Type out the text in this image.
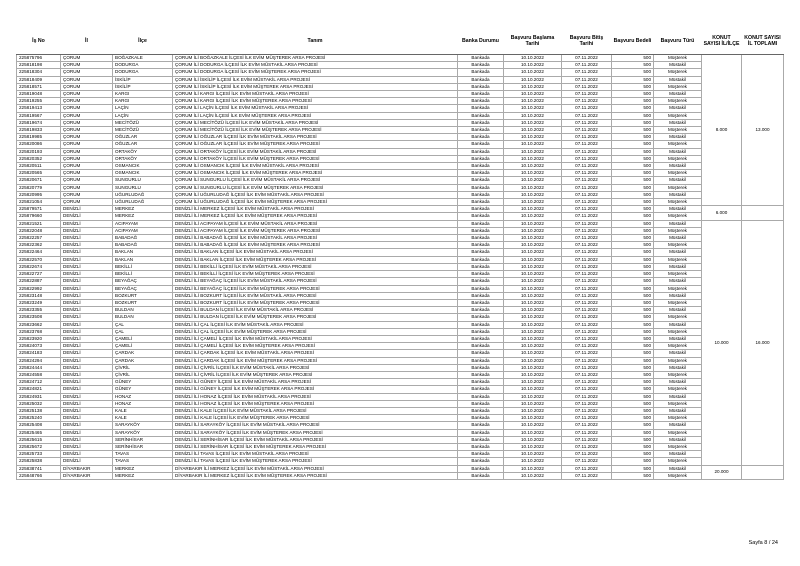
İş No	İl	İlçe	Tanım	Banka Durumu	Başvuru Başlama Tarihi	Başvuru Bitiş Tarihi	Başvuru Bedeli	Başvuru Türü	KONUT SAYISI İL/İLÇE	KONUT SAYISI İL TOPLAMI
225875796	ÇORUM	BOĞAZKALE	ÇORUM İLİ BOĞAZKALE İLÇESİ İLK EVİM MÜŞTEREK ARSA PROJESİ	Bankada	10.10.2022	07.11.2022	500	Müşterek	8.000	13.000
225818198	ÇORUM	DODURGA	ÇORUM İLİ DODURGA İLÇESİ İLK EVİM MÜSTAKİL ARSA PROJESİ	Bankada	10.10.2022	07.11.2022	500	Müstakil		
225818304	ÇORUM	DODURGA	ÇORUM İLİ DODURGA İLÇESİ İLK EVİM MÜŞTEREK ARSA PROJESİ	Bankada	10.10.2022	07.11.2022	500	Müşterek		
225818409	ÇORUM	İSKİLİP	ÇORUM İLİ İSKİLİP İLÇESİ İLK EVİM MÜSTAKİL ARSA PROJESİ	Bankada	10.10.2022	07.11.2022	500	Müstakil		
225818571	ÇORUM	İSKİLİP	ÇORUM İLİ İSKİLİP İLÇESİ İLK EVİM MÜŞTEREK ARSA PROJESİ	Bankada	10.10.2022	07.11.2022	500	Müşterek		
225819048	ÇORUM	KARGI	ÇORUM İLİ KARGI İLÇESİ İLK EVİM MÜSTAKİL ARSA PROJESİ	Bankada	10.10.2022	07.11.2022	500	Müstakil		
225819255	ÇORUM	KARGI	ÇORUM İLİ KARGI İLÇESİ İLK EVİM MÜŞTEREK ARSA PROJESİ	Bankada	10.10.2022	07.11.2022	500	Müşterek		
225819413	ÇORUM	LAÇİN	ÇORUM İLİ LAÇİN İLÇESİ İLK EVİM MÜSTAKİL ARSA PROJESİ	Bankada	10.10.2022	07.11.2022	500	Müstakil		
225819567	ÇORUM	LAÇİN	ÇORUM İLİ LAÇİN İLÇESİ İLK EVİM MÜŞTEREK ARSA PROJESİ	Bankada	10.10.2022	07.11.2022	500	Müşterek		
225819674	ÇORUM	MECİTÖZÜ	ÇORUM İLİ MECİTÖZÜ İLÇESİ İLK EVİM MÜSTAKİL ARSA PROJESİ	Bankada	10.10.2022	07.11.2022	500	Müstakil		
225819833	ÇORUM	MECİTÖZÜ	ÇORUM İLİ MECİTÖZÜ İLÇESİ İLK EVİM MÜŞTEREK ARSA PROJESİ	Bankada	10.10.2022	07.11.2022	500	Müşterek		
225819985	ÇORUM	OĞUZLAR	ÇORUM İLİ OĞUZLAR İLÇESİ İLK EVİM MÜSTAKİL ARSA PROJESİ	Bankada	10.10.2022	07.11.2022	500	Müstakil		
225820086	ÇORUM	OĞUZLAR	ÇORUM İLİ OĞUZLAR İLÇESİ İLK EVİM MÜŞTEREK ARSA PROJESİ	Bankada	10.10.2022	07.11.2022	500	Müşterek		
225820193	ÇORUM	ORTAKÖY	ÇORUM İLİ ORTAKÖY İLÇESİ İLK EVİM MÜSTAKİL ARSA PROJESİ	Bankada	10.10.2022	07.11.2022	500	Müstakil		
225820352	ÇORUM	ORTAKÖY	ÇORUM İLİ ORTAKÖY İLÇESİ İLK EVİM MÜŞTEREK ARSA PROJESİ	Bankada	10.10.2022	07.11.2022	500	Müşterek		
225820511	ÇORUM	OSMANCIK	ÇORUM İLİ OSMANCIK İLÇESİ İLK EVİM MÜSTAKİL ARSA PROJESİ	Bankada	10.10.2022	07.11.2022	500	Müstakil		
225820565	ÇORUM	OSMANCIK	ÇORUM İLİ OSMANCIK İLÇESİ İLK EVİM MÜŞTEREK ARSA PROJESİ	Bankada	10.10.2022	07.11.2022	500	Müşterek		
225820671	ÇORUM	SUNGURLU	ÇORUM İLİ SUNGURLU İLÇESİ İLK EVİM MÜSTAKİL ARSA PROJESİ	Bankada	10.10.2022	07.11.2022	500	Müstakil		
225820779	ÇORUM	SUNGURLU	ÇORUM İLİ SUNGURLU İLÇESİ İLK EVİM MÜŞTEREK ARSA PROJESİ	Bankada	10.10.2022	07.11.2022	500	Müşterek		
225820995	ÇORUM	UĞURLUDAĞ	ÇORUM İLİ UĞURLUDAĞ İLÇESİ İLK EVİM MÜSTAKİL ARSA PROJESİ	Bankada	10.10.2022	07.11.2022	500	Müstakil		
225821054	ÇORUM	UĞURLUDAĞ	ÇORUM İLİ UĞURLUDAĞ İLÇESİ İLK EVİM MÜŞTEREK ARSA PROJESİ	Bankada	10.10.2022	07.11.2022	500	Müşterek		
225879571	DENİZLİ	MERKEZ	DENİZLİ İLİ MERKEZ İLÇESİ İLK EVİM MÜSTAKİL ARSA PROJESİ	Bankada	10.10.2022	07.11.2022	500	Müstakil	6.000	
225879660	DENİZLİ	MERKEZ	DENİZLİ İLİ MERKEZ İLÇESİ İLK EVİM MÜŞTEREK ARSA PROJESİ	Bankada	10.10.2022	07.11.2022	500	Müşterek		
225821521	DENİZLİ	ACIPAYAM	DENİZLİ İLİ ACIPAYAM İLÇESİ İLK EVİM MÜSTAKİL ARSA PROJESİ	Bankada	10.10.2022	07.11.2022	500	Müstakil	10.000	16.000
225822048	DENİZLİ	ACIPAYAM	DENİZLİ İLİ ACIPAYAM İLÇESİ İLK EVİM MÜŞTEREK ARSA PROJESİ	Bankada	10.10.2022	07.11.2022	500	Müşterek		
225822257	DENİZLİ	BABADAĞ	DENİZLİ İLİ BABADAĞ İLÇESİ İLK EVİM MÜSTAKİL ARSA PROJESİ	Bankada	10.10.2022	07.11.2022	500	Müstakil		
225822362	DENİZLİ	BABADAĞ	DENİZLİ İLİ BABADAĞ İLÇESİ İLK EVİM MÜŞTEREK ARSA PROJESİ	Bankada	10.10.2022	07.11.2022	500	Müşterek		
225822464	DENİZLİ	BAKLAN	DENİZLİ İLİ BAKLAN İLÇESİ İLK EVİM MÜSTAKİL ARSA PROJESİ	Bankada	10.10.2022	07.11.2022	500	Müstakil		
225822570	DENİZLİ	BAKLAN	DENİZLİ İLİ BAKLAN İLÇESİ İLK EVİM MÜŞTEREK ARSA PROJESİ	Bankada	10.10.2022	07.11.2022	500	Müşterek		
225822674	DENİZLİ	BEKİLLİ	DENİZLİ İLİ BEKİLLİ İLÇESİ İLK EVİM MÜSTAKİL ARSA PROJESİ	Bankada	10.10.2022	07.11.2022	500	Müstakil		
225822727	DENİZLİ	BEKİLLİ	DENİZLİ İLİ BEKİLLİ İLÇESİ İLK EVİM MÜŞTEREK ARSA PROJESİ	Bankada	10.10.2022	07.11.2022	500	Müşterek		
225822887	DENİZLİ	BEYAĞAÇ	DENİZLİ İLİ BEYAĞAÇ İLÇESİ İLK EVİM MÜSTAKİL ARSA PROJESİ	Bankada	10.10.2022	07.11.2022	500	Müstakil		
225822992	DENİZLİ	BEYAĞAÇ	DENİZLİ İLİ BEYAĞAÇ İLÇESİ İLK EVİM MÜŞTEREK ARSA PROJESİ	Bankada	10.10.2022	07.11.2022	500	Müşterek		
225823148	DENİZLİ	BOZKURT	DENİZLİ İLİ BOZKURT İLÇESİ İLK EVİM MÜSTAKİL ARSA PROJESİ	Bankada	10.10.2022	07.11.2022	500	Müstakil		
225823249	DENİZLİ	BOZKURT	DENİZLİ İLİ BOZKURT İLÇESİ İLK EVİM MÜŞTEREK ARSA PROJESİ	Bankada	10.10.2022	07.11.2022	500	Müşterek		
225823355	DENİZLİ	BULDAN	DENİZLİ İLİ BULDAN İLÇESİ İLK EVİM MÜSTAKİL ARSA PROJESİ	Bankada	10.10.2022	07.11.2022	500	Müstakil		
225823508	DENİZLİ	BULDAN	DENİZLİ İLİ BULDAN İLÇESİ İLK EVİM MÜŞTEREK ARSA PROJESİ	Bankada	10.10.2022	07.11.2022	500	Müşterek		
225823662	DENİZLİ	ÇAL	DENİZLİ İLİ ÇAL İLÇESİ İLK EVİM MÜSTAKİL ARSA PROJESİ	Bankada	10.10.2022	07.11.2022	500	Müstakil		
225823768	DENİZLİ	ÇAL	DENİZLİ İLİ ÇAL İLÇESİ İLK EVİM MÜŞTEREK ARSA PROJESİ	Bankada	10.10.2022	07.11.2022	500	Müşterek		
225823920	DENİZLİ	ÇAMELİ	DENİZLİ İLİ ÇAMELİ İLÇESİ İLK EVİM MÜSTAKİL ARSA PROJESİ	Bankada	10.10.2022	07.11.2022	500	Müstakil		
225824073	DENİZLİ	ÇAMELİ	DENİZLİ İLİ ÇAMELİ İLÇESİ İLK EVİM MÜŞTEREK ARSA PROJESİ	Bankada	10.10.2022	07.11.2022	500	Müşterek		
225824183	DENİZLİ	ÇARDAK	DENİZLİ İLİ ÇARDAK İLÇESİ İLK EVİM MÜSTAKİL ARSA PROJESİ	Bankada	10.10.2022	07.11.2022	500	Müstakil		
225824294	DENİZLİ	ÇARDAK	DENİZLİ İLİ ÇARDAK İLÇESİ İLK EVİM MÜŞTEREK ARSA PROJESİ	Bankada	10.10.2022	07.11.2022	500	Müşterek		
225824444	DENİZLİ	ÇİVRİL	DENİZLİ İLİ ÇİVRİL İLÇESİ İLK EVİM MÜSTAKİL ARSA PROJESİ	Bankada	10.10.2022	07.11.2022	500	Müstakil		
225824558	DENİZLİ	ÇİVRİL	DENİZLİ İLİ ÇİVRİL İLÇESİ İLK EVİM MÜŞTEREK ARSA PROJESİ	Bankada	10.10.2022	07.11.2022	500	Müşterek		
225824712	DENİZLİ	GÜNEY	DENİZLİ İLİ GÜNEY İLÇESİ İLK EVİM MÜSTAKİL ARSA PROJESİ	Bankada	10.10.2022	07.11.2022	500	Müstakil		
225824821	DENİZLİ	GÜNEY	DENİZLİ İLİ GÜNEY İLÇESİ İLK EVİM MÜŞTEREK ARSA PROJESİ	Bankada	10.10.2022	07.11.2022	500	Müşterek		
225824931	DENİZLİ	HONAZ	DENİZLİ İLİ HONAZ İLÇESİ İLK EVİM MÜSTAKİL ARSA PROJESİ	Bankada	10.10.2022	07.11.2022	500	Müstakil		
225825032	DENİZLİ	HONAZ	DENİZLİ İLİ HONAZ İLÇESİ İLK EVİM MÜŞTEREK ARSA PROJESİ	Bankada	10.10.2022	07.11.2022	500	Müşterek		
225825138	DENİZLİ	KALE	DENİZLİ İLİ KALE İLÇESİ İLK EVİM MÜSTAKİL ARSA PROJESİ	Bankada	10.10.2022	07.11.2022	500	Müstakil		
225825240	DENİZLİ	KALE	DENİZLİ İLİ KALE İLÇESİ İLK EVİM MÜŞTEREK ARSA PROJESİ	Bankada	10.10.2022	07.11.2022	500	Müşterek		
225825408	DENİZLİ	SARAYKÖY	DENİZLİ İLİ SARAYKÖY İLÇESİ İLK EVİM MÜSTAKİL ARSA PROJESİ	Bankada	10.10.2022	07.11.2022	500	Müstakil		
225825465	DENİZLİ	SARAYKÖY	DENİZLİ İLİ SARAYKÖY İLÇESİ İLK EVİM MÜŞTEREK ARSA PROJESİ	Bankada	10.10.2022	07.11.2022	500	Müşterek		
225825615	DENİZLİ	SERİNHİSAR	DENİZLİ İLİ SERİNHİSAR İLÇESİ İLK EVİM MÜSTAKİL ARSA PROJESİ	Bankada	10.10.2022	07.11.2022	500	Müstakil		
225825672	DENİZLİ	SERİNHİSAR	DENİZLİ İLİ SERİNHİSAR İLÇESİ İLK EVİM MÜŞTEREK ARSA PROJESİ	Bankada	10.10.2022	07.11.2022	500	Müşterek		
225825733	DENİZLİ	TAVAS	DENİZLİ İLİ TAVAS İLÇESİ İLK EVİM MÜSTAKİL ARSA PROJESİ	Bankada	10.10.2022	07.11.2022	500	Müstakil		
225825838	DENİZLİ	TAVAS	DENİZLİ İLİ TAVAS İLÇESİ İLK EVİM MÜŞTEREK ARSA PROJESİ	Bankada	10.10.2022	07.11.2022	500	Müşterek		
225838741	DİYARBAKIR	MERKEZ	DİYARBAKIR İLİ MERKEZ İLÇESİ İLK EVİM MÜSTAKİL ARSA PROJESİ	Bankada	10.10.2022	07.11.2022	500	Müstakil	20.000	
225848766	DİYARBAKIR	MERKEZ	DİYARBAKIR İLİ MERKEZ İLÇESİ İLK EVİM MÜŞTEREK ARSA PROJESİ	Bankada	10.10.2022	07.11.2022	500	Müşterek		
Sayfa 8 / 24
